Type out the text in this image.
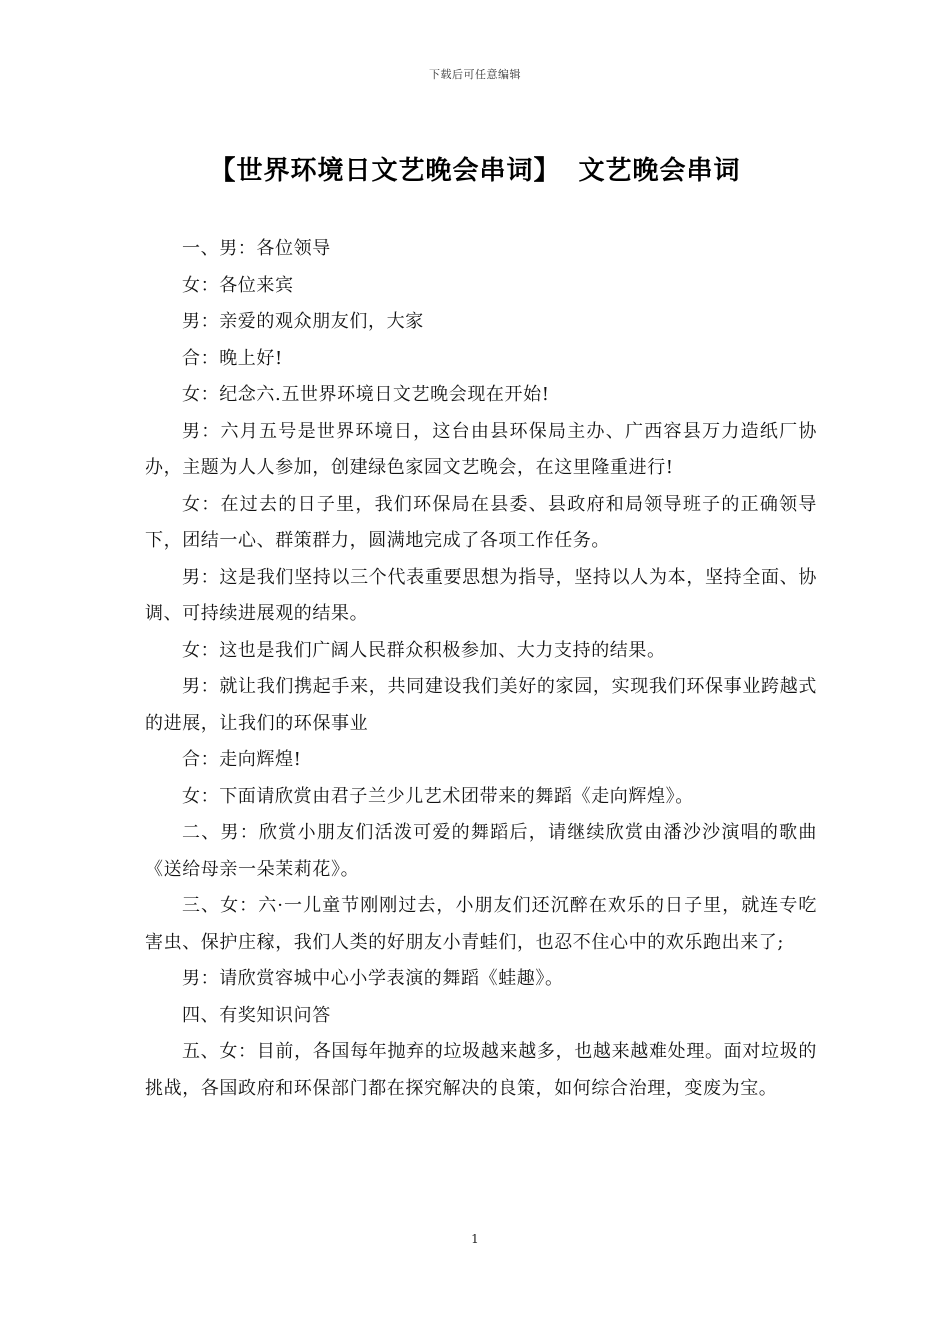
下载后可任意编辑
【世界环境日文艺晚会串词】 文艺晚会串词

一、男：各位领导

女：各位来宾

男：亲爱的观众朋友们，大家

合：晚上好!

女：纪念六.五世界环境日文艺晚会现在开始!

男：六月五号是世界环境日，这台由县环保局主办、广西容县万力造纸厂协办，主题为人人参加，创建绿色家园文艺晚会，在这里隆重进行!

女：在过去的日子里，我们环保局在县委、县政府和局领导班子的正确领导下，团结一心、群策群力，圆满地完成了各项工作任务。

男：这是我们坚持以三个代表重要思想为指导，坚持以人为本，坚持全面、协调、可持续进展观的结果。

女：这也是我们广阔人民群众积极参加、大力支持的结果。

男：就让我们携起手来，共同建设我们美好的家园，实现我们环保事业跨越式的进展，让我们的环保事业

合：走向辉煌!

女：下面请欣赏由君子兰少儿艺术团带来的舞蹈《走向辉煌》。

二、男：欣赏小朋友们活泼可爱的舞蹈后，请继续欣赏由潘沙沙演唱的歌曲《送给母亲一朵茉莉花》。

三、女：六·一儿童节刚刚过去，小朋友们还沉醉在欢乐的日子里，就连专吃害虫、保护庄稼，我们人类的好朋友小青蛙们，也忍不住心中的欢乐跑出来了;

男：请欣赏容城中心小学表演的舞蹈《蛙趣》。

四、有奖知识问答

五、女：目前，各国每年抛弃的垃圾越来越多，也越来越难处理。面对垃圾的挑战，各国政府和环保部门都在探究解决的良策，如何综合治理，变废为宝。

1
